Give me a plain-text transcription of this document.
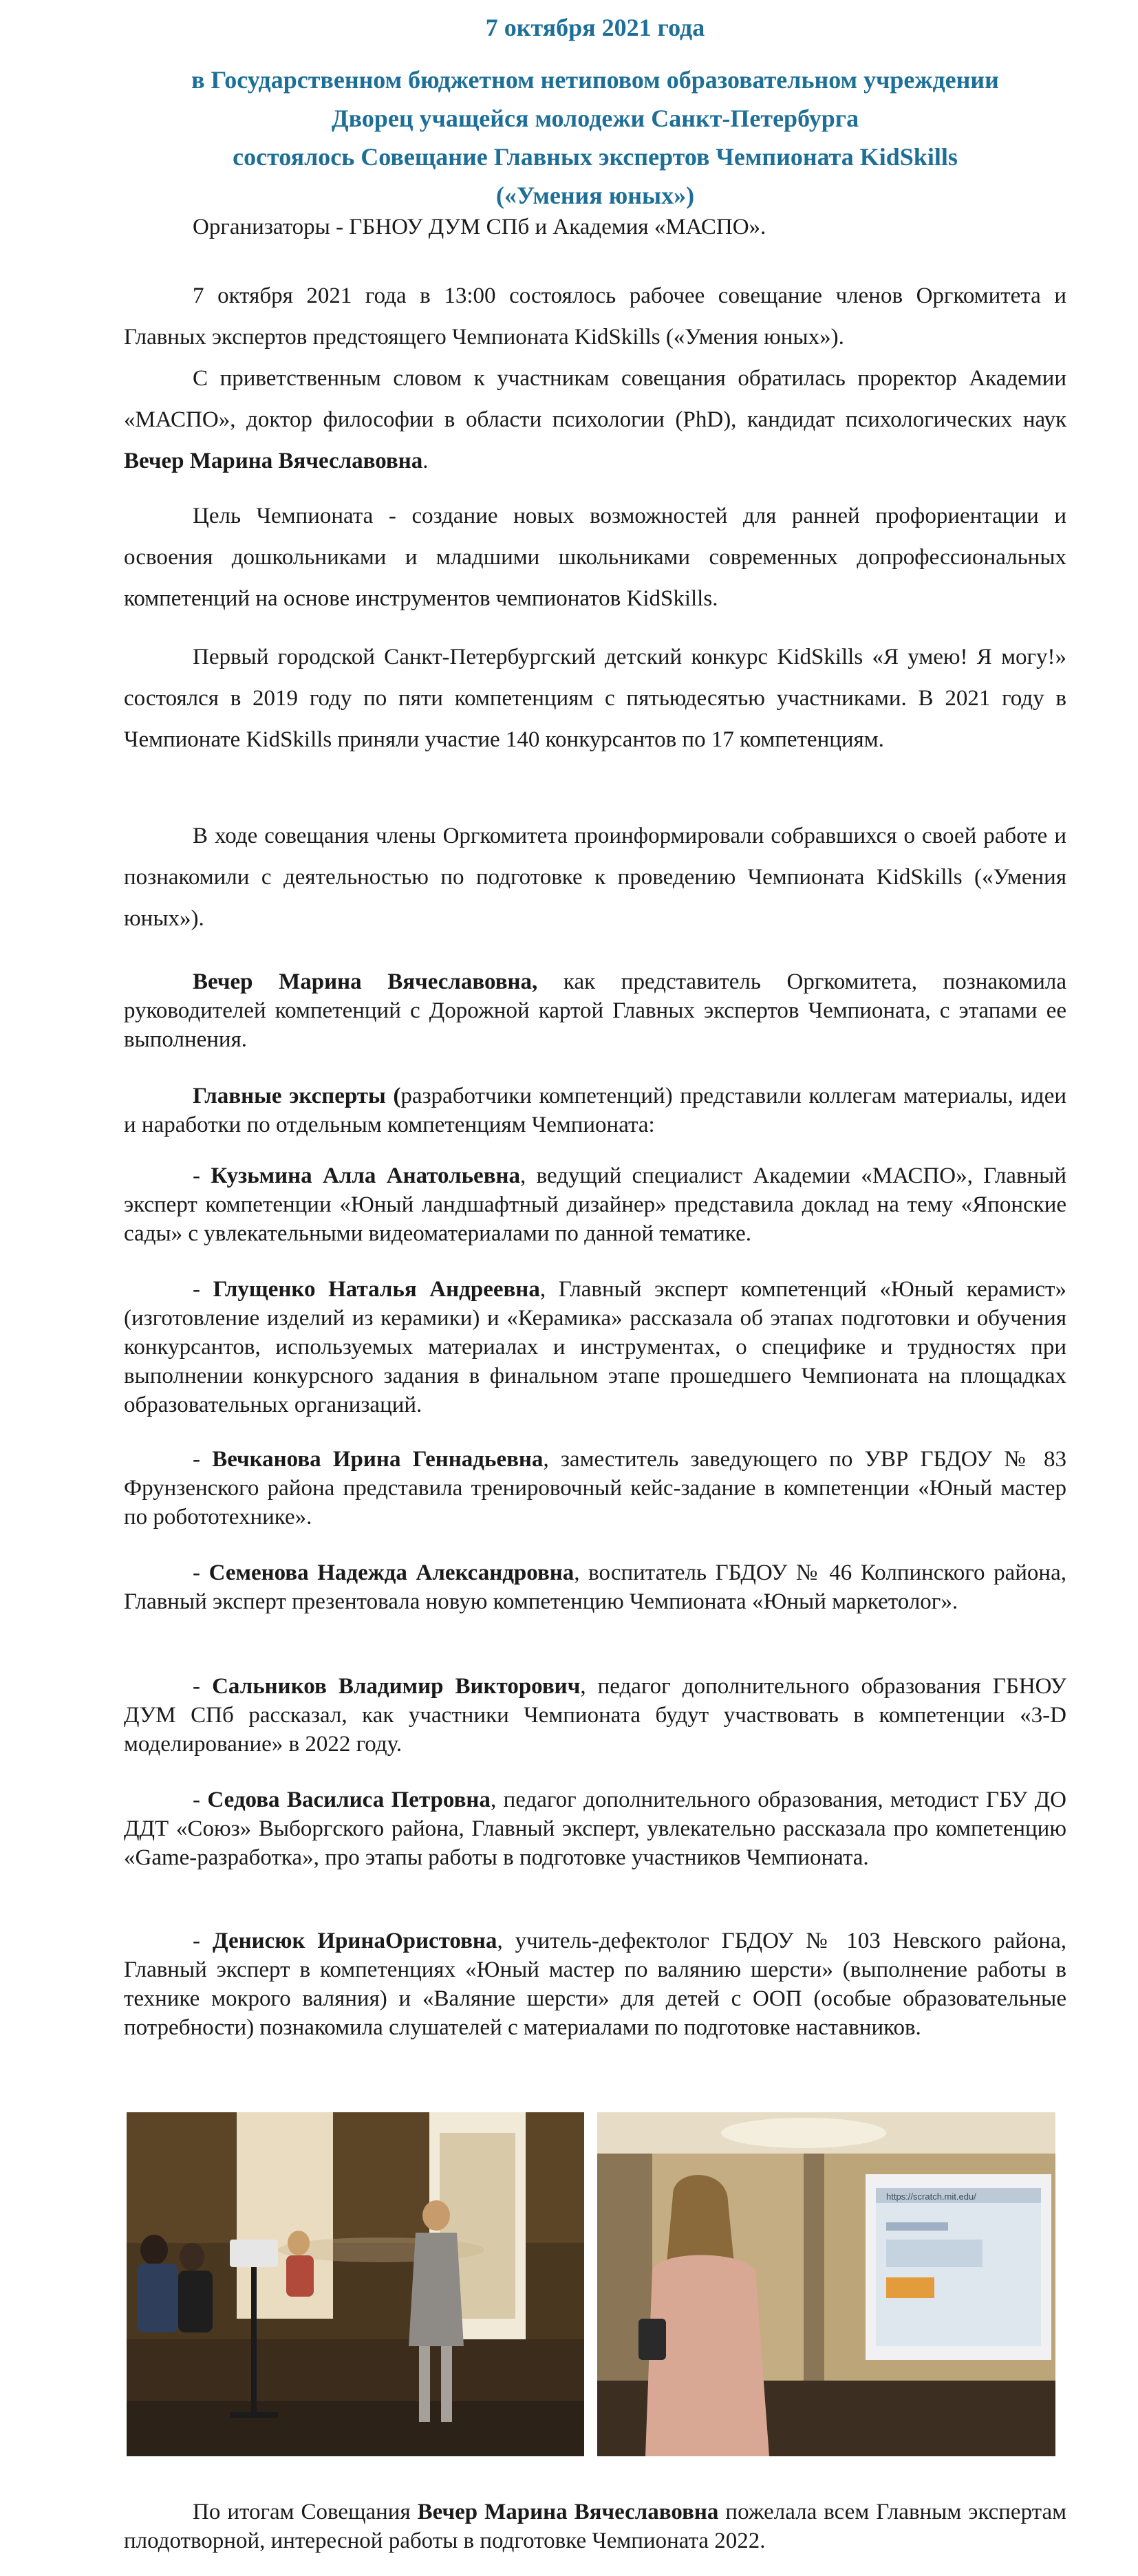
7 октября 2021 года
в Государственном бюджетном нетиповом образовательном учреждении
Дворец учащейся молодежи Санкт-Петербурга
состоялось Совещание Главных экспертов Чемпионата KidSkills
(«Умения юных»)

Организаторы - ГБНОУ ДУМ СПб и Академия «МАСПО».

7 октября 2021 года в 13:00 состоялось рабочее совещание членов Оргкомитета и Главных экспертов предстоящего Чемпионата KidSkills («Умения юных»).

С приветственным словом к участникам совещания обратилась проректор Академии «МАСПО», доктор философии в области психологии (PhD), кандидат психологических наук Вечер Марина Вячеславовна.

Цель Чемпионата - создание новых возможностей для ранней профориентации и освоения дошкольниками и младшими школьниками современных допрофессиональных компетенций на основе инструментов чемпионатов KidSkills.

Первый городской Санкт-Петербургский детский конкурс KidSkills «Я умею! Я могу!» состоялся в 2019 году по пяти компетенциям с пятьюдесятью участниками. В 2021 году в Чемпионате KidSkills приняли участие 140 конкурсантов по 17 компетенциям.

В ходе совещания члены Оргкомитета проинформировали собравшихся о своей работе и познакомили с деятельностью по подготовке к проведению Чемпионата KidSkills («Умения юных»).

Вечер Марина Вячеславовна, как представитель Оргкомитета, познакомила руководителей компетенций с Дорожной картой Главных экспертов Чемпионата, с этапами ее выполнения.

Главные эксперты (разработчики компетенций) представили коллегам материалы, идеи и наработки по отдельным компетенциям Чемпионата:

- Кузьмина Алла Анатольевна, ведущий специалист Академии «МАСПО», Главный эксперт компетенции «Юный ландшафтный дизайнер» представила доклад на тему «Японские сады» с увлекательными видеоматериалами по данной тематике.

- Глущенко Наталья Андреевна, Главный эксперт компетенций «Юный керамист» (изготовление изделий из керамики) и «Керамика» рассказала об этапах подготовки и обучения конкурсантов, используемых материалах и инструментах, о специфике и трудностях при выполнении конкурсного задания в финальном этапе прошедшего Чемпионата на площадках образовательных организаций.

- Вечканова Ирина Геннадьевна, заместитель заведующего по УВР ГБДОУ № 83 Фрунзенского района представила тренировочный кейс-задание в компетенции «Юный мастер по робототехнике».

- Семенова Надежда Александровна, воспитатель ГБДОУ № 46 Колпинского района, Главный эксперт презентовала новую компетенцию Чемпионата «Юный маркетолог».

- Сальников Владимир Викторович, педагог дополнительного образования ГБНОУ ДУМ СПб рассказал, как участники Чемпионата будут участвовать в компетенции «3-D моделирование» в 2022 году.

- Седова Василиса Петровна, педагог дополнительного образования, методист ГБУ ДО ДДТ «Союз» Выборгского района, Главный эксперт, увлекательно рассказала про компетенцию «Game-разработка», про этапы работы в подготовке участников Чемпионата.

- Денисюк ИринаОристовна, учитель-дефектолог ГБДОУ № 103 Невского района, Главный эксперт в компетенциях «Юный мастер по валянию шерсти» (выполнение работы в технике мокрого валяния) и «Валяние шерсти» для детей с ООП (особые образовательные потребности) познакомила слушателей с материалами по подготовке наставников.

https://scratch.mit.edu/

По итогам Совещания Вечер Марина Вячеславовна пожелала всем Главным экспертам плодотворной, интересной работы в подготовке Чемпионата 2022.
